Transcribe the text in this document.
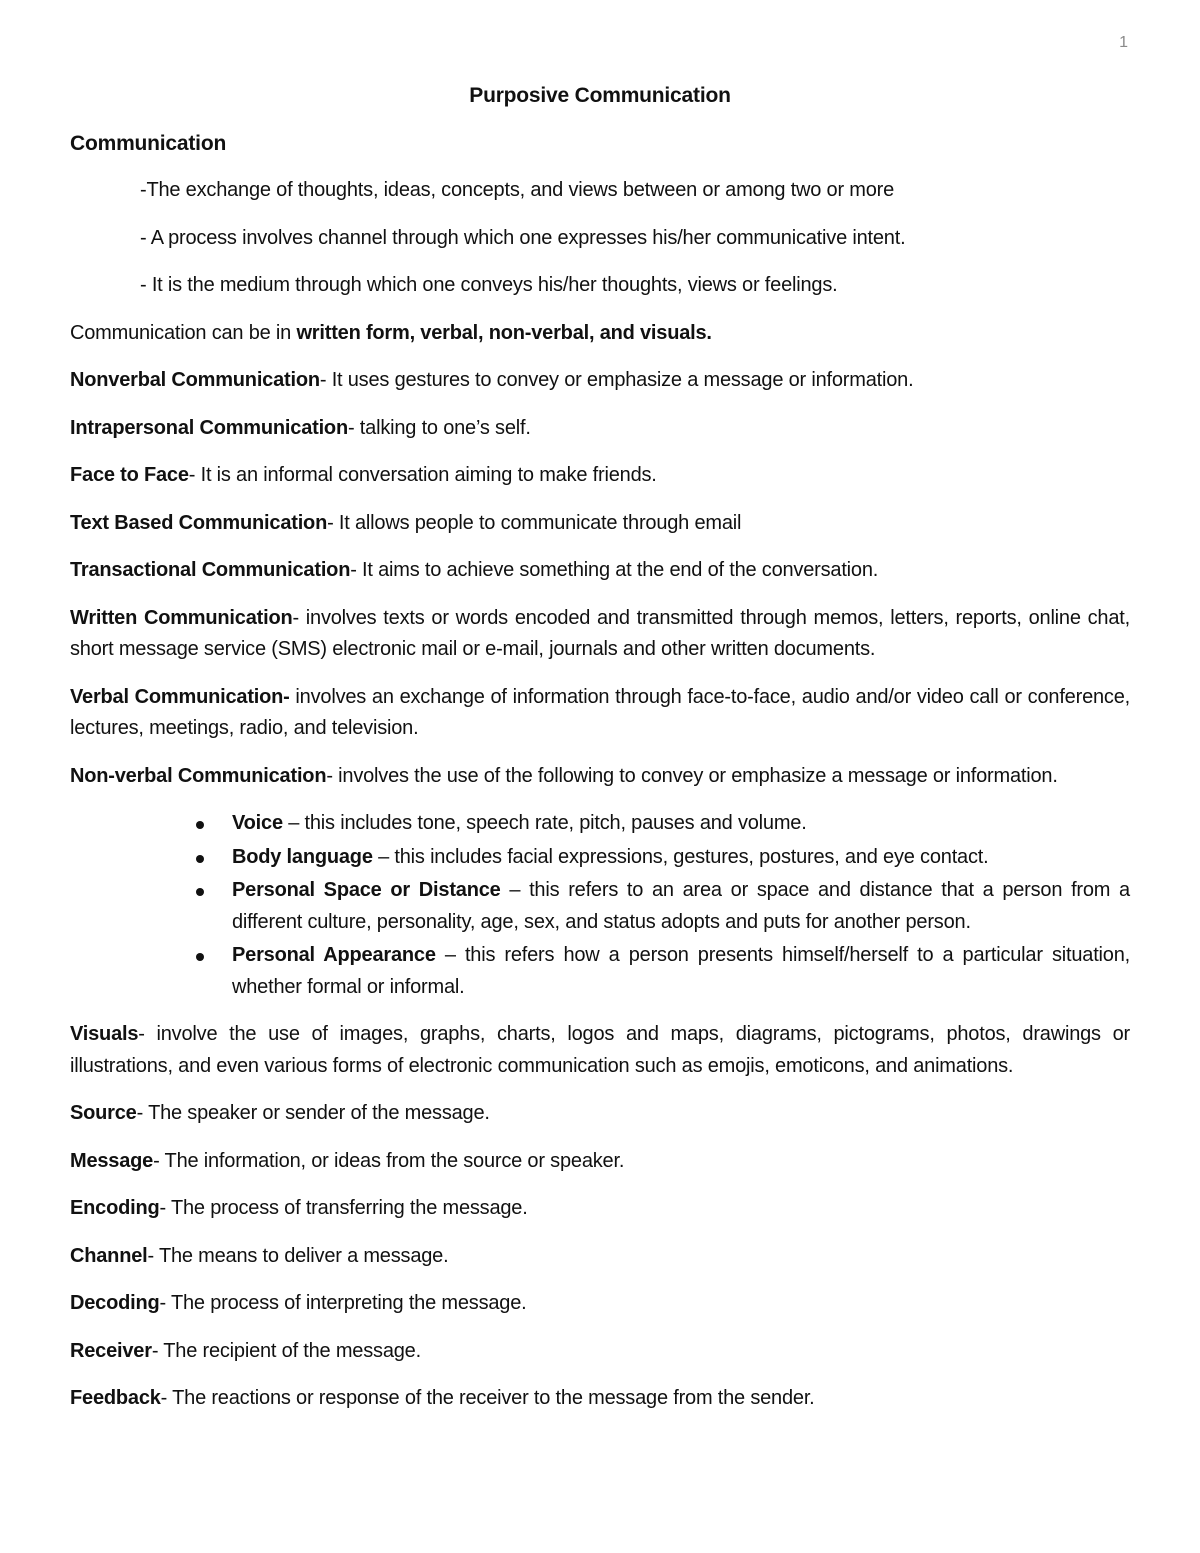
1
Purposive Communication
Communication
-The exchange of thoughts, ideas, concepts, and views between or among two or more
- A process involves channel through which one expresses his/her communicative intent.
- It is the medium through which one conveys his/her thoughts, views or feelings.
Communication can be in written form, verbal, non-verbal, and visuals.
Nonverbal Communication- It uses gestures to convey or emphasize a message or information.
Intrapersonal Communication- talking to one’s self.
Face to Face- It is an informal conversation aiming to make friends.
Text Based Communication- It allows people to communicate through email
Transactional Communication- It aims to achieve something at the end of the conversation.
Written Communication- involves texts or words encoded and transmitted through memos, letters, reports, online chat, short message service (SMS) electronic mail or e-mail, journals and other written documents.
Verbal Communication- involves an exchange of information through face-to-face, audio and/or video call or conference, lectures, meetings, radio, and television.
Non-verbal Communication- involves the use of the following to convey or emphasize a message or information.
Voice – this includes tone, speech rate, pitch, pauses and volume.
Body language – this includes facial expressions, gestures, postures, and eye contact.
Personal Space or Distance – this refers to an area or space and distance that a person from a different culture, personality, age, sex, and status adopts and puts for another person.
Personal Appearance – this refers how a person presents himself/herself to a particular situation, whether formal or informal.
Visuals- involve the use of images, graphs, charts, logos and maps, diagrams, pictograms, photos, drawings or illustrations, and even various forms of electronic communication such as emojis, emoticons, and animations.
Source- The speaker or sender of the message.
Message- The information, or ideas from the source or speaker.
Encoding- The process of transferring the message.
Channel- The means to deliver a message.
Decoding- The process of interpreting the message.
Receiver- The recipient of the message.
Feedback- The reactions or response of the receiver to the message from the sender.
